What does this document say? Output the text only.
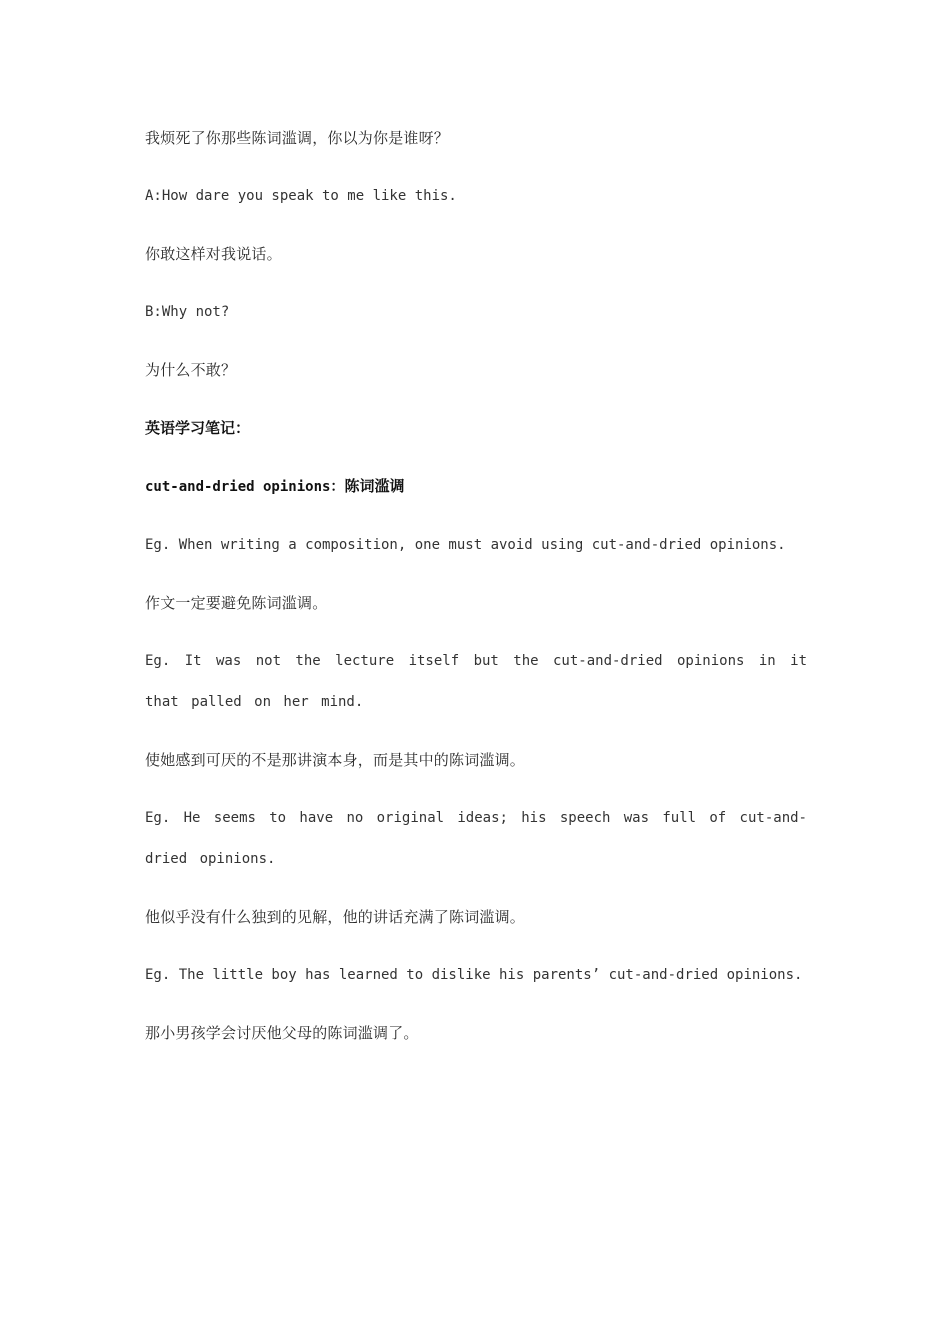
我烦死了你那些陈词滥调，你以为你是谁呀？

A:How dare you speak to me like this.

你敢这样对我说话。

B:Why not?

为什么不敢？

英语学习笔记：

cut-and-dried opinions：陈词滥调

Eg. When writing a composition, one must avoid using cut-and-dried opinions.

作文一定要避免陈词滥调。

Eg. It was not the lecture itself but the cut-and-dried opinions in it that palled on her mind.

使她感到可厌的不是那讲演本身，而是其中的陈词滥调。

Eg. He seems to have no original ideas; his speech was full of cut-and-dried opinions.

他似乎没有什么独到的见解，他的讲话充满了陈词滥调。

Eg. The little boy has learned to dislike his parents’ cut-and-dried opinions.

那小男孩学会讨厌他父母的陈词滥调了。
